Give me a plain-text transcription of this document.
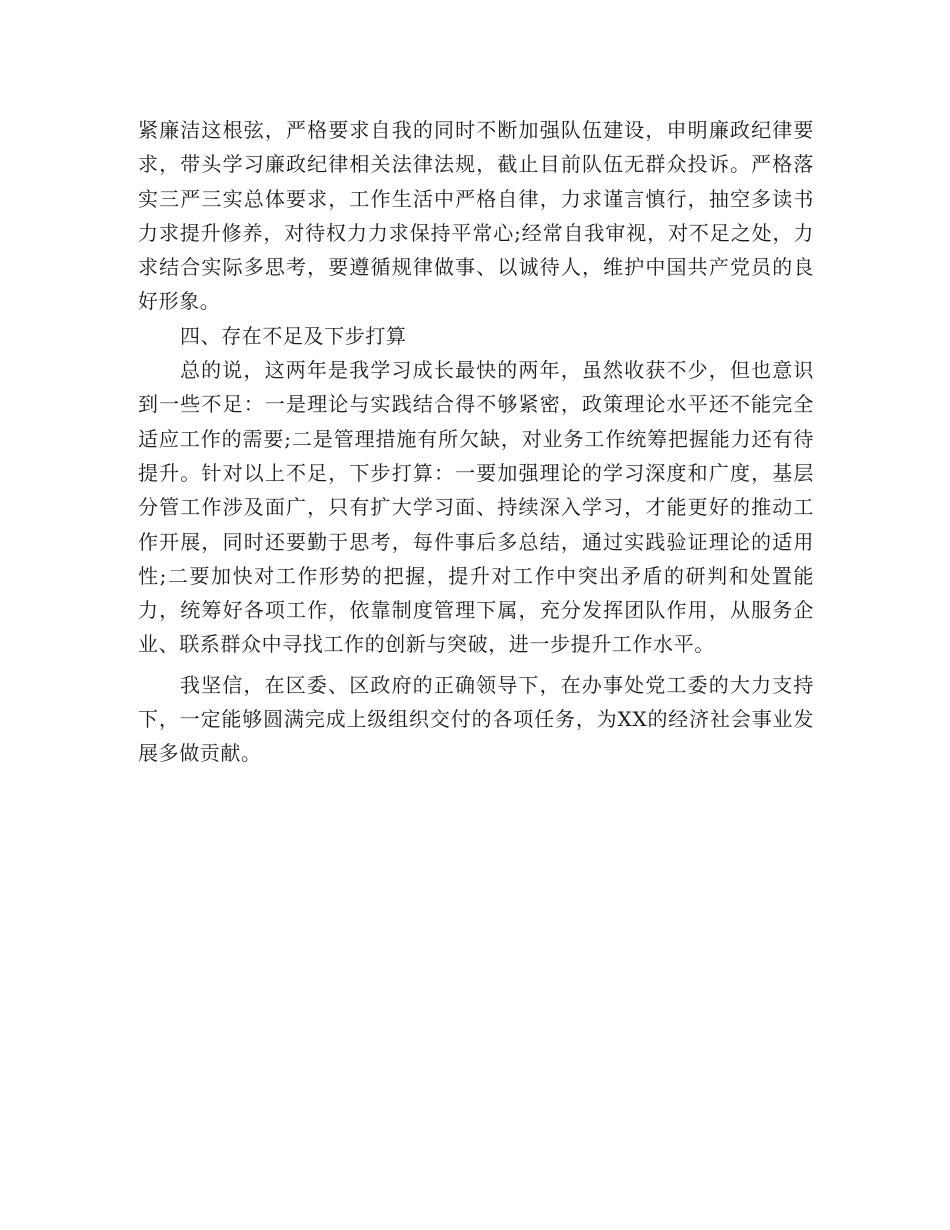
紧廉洁这根弦，严格要求自我的同时不断加强队伍建设，申明廉政纪律要求，带头学习廉政纪律相关法律法规，截止目前队伍无群众投诉。严格落实三严三实总体要求，工作生活中严格自律，力求谨言慎行，抽空多读书力求提升修养，对待权力力求保持平常心;经常自我审视，对不足之处，力求结合实际多思考，要遵循规律做事、以诚待人，维护中国共产党员的良好形象。

四、存在不足及下步打算

总的说，这两年是我学习成长最快的两年，虽然收获不少，但也意识到一些不足：一是理论与实践结合得不够紧密，政策理论水平还不能完全适应工作的需要;二是管理措施有所欠缺，对业务工作统筹把握能力还有待提升。针对以上不足，下步打算：一要加强理论的学习深度和广度，基层分管工作涉及面广，只有扩大学习面、持续深入学习，才能更好的推动工作开展，同时还要勤于思考，每件事后多总结，通过实践验证理论的适用性;二要加快对工作形势的把握，提升对工作中突出矛盾的研判和处置能力，统筹好各项工作，依靠制度管理下属，充分发挥团队作用，从服务企业、联系群众中寻找工作的创新与突破，进一步提升工作水平。

我坚信，在区委、区政府的正确领导下，在办事处党工委的大力支持下，一定能够圆满完成上级组织交付的各项任务，为XX的经济社会事业发展多做贡献。
